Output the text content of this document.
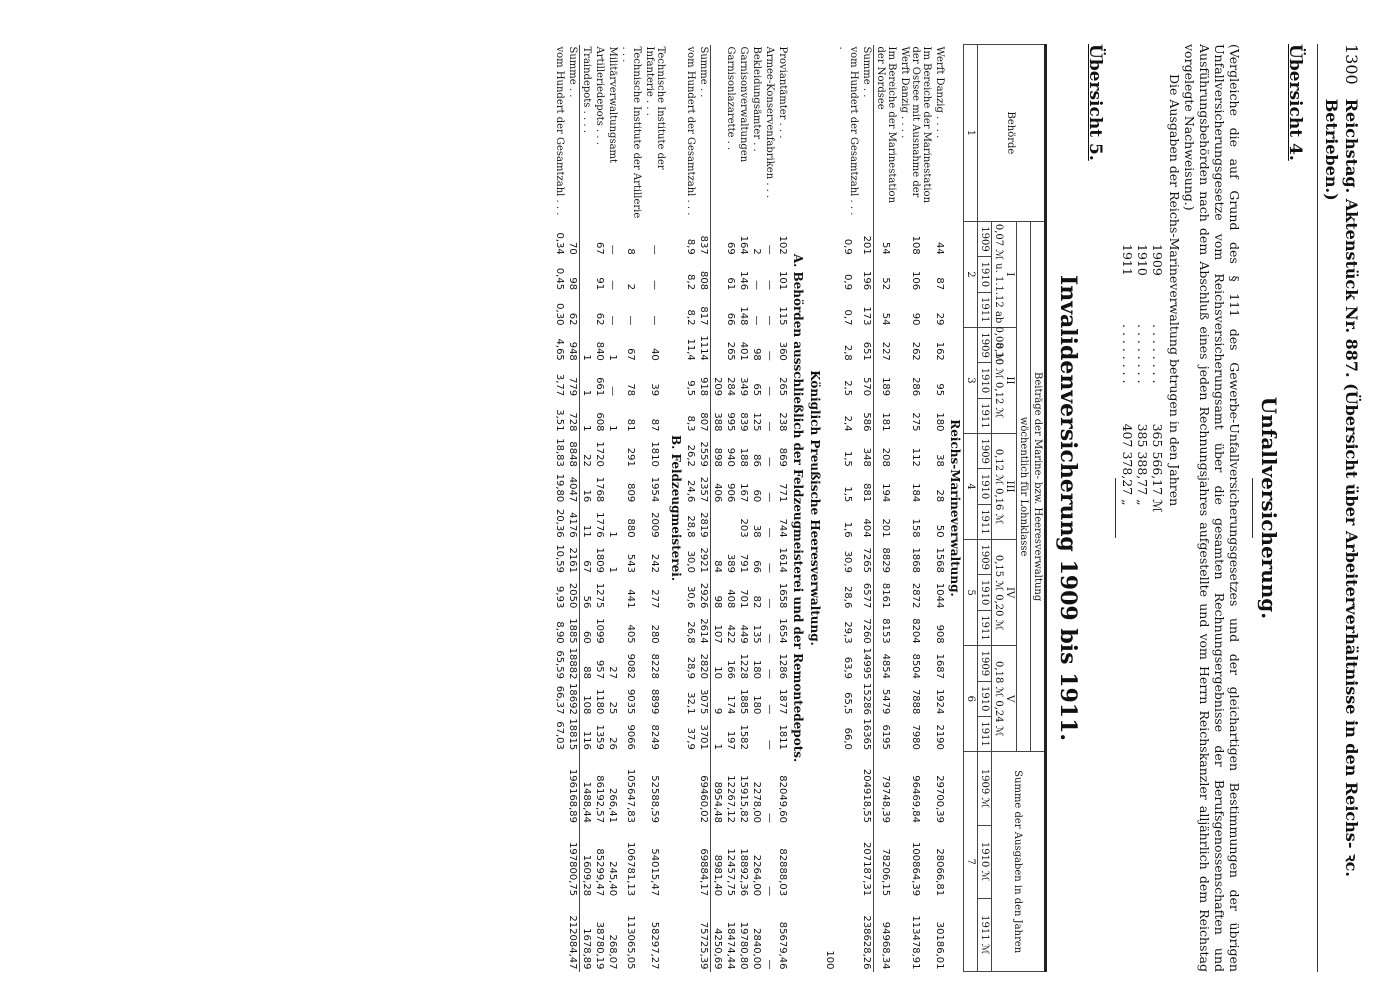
1300
Reichstag. Aktenstück Nr. 887. (Übersicht über Arbeiterverhältnisse in den Reichs- ꝛc. Betrieben.)
Übersicht 4.
Unfallversicherung.

(Vergleiche die auf Grund des § 111 des Gewerbe-Unfallversicherungsgesetzes und der gleichartigen Bestimmungen der übrigen Unfallversicherungsgesetze vom Reichsversicherungsamt über die gesamten Rechnungsergebnisse der Berufsgenossenschaften und Ausführungsbehörden nach dem Abschluß eines jeden Rechnungsjahres aufgestellte und vom Herrn Reichskanzler alljährlich dem Reichstag vorgelegte Nachweisung.)

Die Ausgaben der Reichs-Marineverwaltung betrugen in den Jahren

1909
. . . . . . . .
365 566,17 ℳ
1910
. . . . . . . .
385 388,77 „
1911
. . . . . . . .
407 378,27 „
Übersicht 5.
Invalidenversicherung 1909 bis 1911.
Behörde	Beiträge der Marine- bzw. Heeresverwaltung															Summe der Ausgaben in den Jahren		
	wöchentlich für Lohnklasse																	
	I
0,07 ℳ u. 1.1.12 ab 0,08 ℳ			II
0,10 ℳ 0,12 ℳ			III
0,12 ℳ 0,16 ℳ			IV
0,15 ℳ 0,20 ℳ			V
0,18 ℳ 0,24 ℳ					
	1909	1910	1911	1909	1910	1911	1909	1910	1911	1909	1910	1911	1909	1910	1911	1909 ℳ	1910 ℳ	1911 ℳ
1	2			3			4			5			6			7		
Reichs-Marineverwaltung.																		
Werft Danzig . . . .	44	87	29	162	95	180	38	28	50	1568	1044	908	1687	1924	2190	29700,39	28066,81	30186,01
Im Bereiche der Marinestation der Ostsee mit Ausnahme der Werft Danzig . . . .	108	106	90	262	286	275	112	184	158	1868	2872	8204	8504	7888	7980	96469,84	100864,39	113478,91
Im Bereiche der Marinestation der Nordsee	54	52	54	227	189	181	208	194	201	8829	8161	8153	4854	5479	6195	79748,39	78206,15	94968,34
Summe . .	201	196	173	651	570	586	348	881	404	7265	6577	7260	14995	15286	16365	204918,55	207187,31	238628,26
vom Hundert der Gesamtzahl . . . .	0,9	0,9	0,7	2,8	2,5	2,4	1,5	1,5	1,6	30,9	28,6	29,3	63,9	65,5	66,0			
100																		
Königlich Preußische Heeresverwaltung.																		
A. Behörden ausschließlich der Feldzeugmeisterei und der Remontedepots.																		
Proviantämter . . .	102	101	115	360	265	238	869	771	744	1614	1658	1654	1286	1877	1811	82049,60	82888,03	85679,46
Armee-Konservenfabriken . . .	—	—	—	—	—	—	—	—	—	—	—	—	—	—	—	—	—	—
Bekleidungsämter . .	2	—	—	98	65	125	86	60	38	66	82	135	180	180		2278,00	2264,00	2840,00
Garnisonverwaltungen	164	146	148	401	349	839	188	167	203	791	701	449	1228	1885	1582	15915,82	18892,36	19780,80
Garnisonlazarette . .	69	61	66	265	284	995	940	906		389	408	422	166	174	197	12267,12	12457,75	18474,44
					209	388	898	406		84	98	107	10	9	1	8954,48	8981,40	4250,69
Summe . .	837	808	817	1114	918	807	2559	2357	2819	2921	2926	2614	2820	3075	3701	69460,02	69884,17	75725,39
vom Hundert der Gesamtzahl . . .	8,9	8,2	8,2	11,4	9,5	8,3	26,2	24,6	28,8	30,0	30,6	26,8	28,9	32,1	37,9			
B. Feldzeugmeisterei.																		
Technische Institute der Infanterie . . .	—	—	—	40	39	87	1810	1954	2009	242	277	280	8228	8899	8249	52588,59	54015,47	58297,27
Technische Institute der Artillerie . . .	8	2	—	67	78	81	291	809	880	543	441	405	9082	9035	9066	105647,83	106781,13	113065,05
Militärverwaltungsamt	—	—	—	1	—	1			1	1			27	25	26	266,41	245,40	268,07
Artilleriedepots . . .	67	91	62	840	661	608	1720	1768	1776	1809	1275	1099	957	1180	1359	86192,57	85299,47	38780,19
Traindepots . . . .				1	1	1	22	16	11	67	56	60	88	108	116	1488,44	1609,28	1678,89
Summe . .	70	98	62	948	779	728	8848	4047	4176	2161	2050	1885	18882	18692	18815	196168,89	197800,75	212084,47
vom Hundert der Gesamtzahl . . .	0,34	0,45	0,30	4,65	3,77	3,51	18,83	19,80	20,36	10,59	9,93	8,90	65,59	66,37	67,03			
